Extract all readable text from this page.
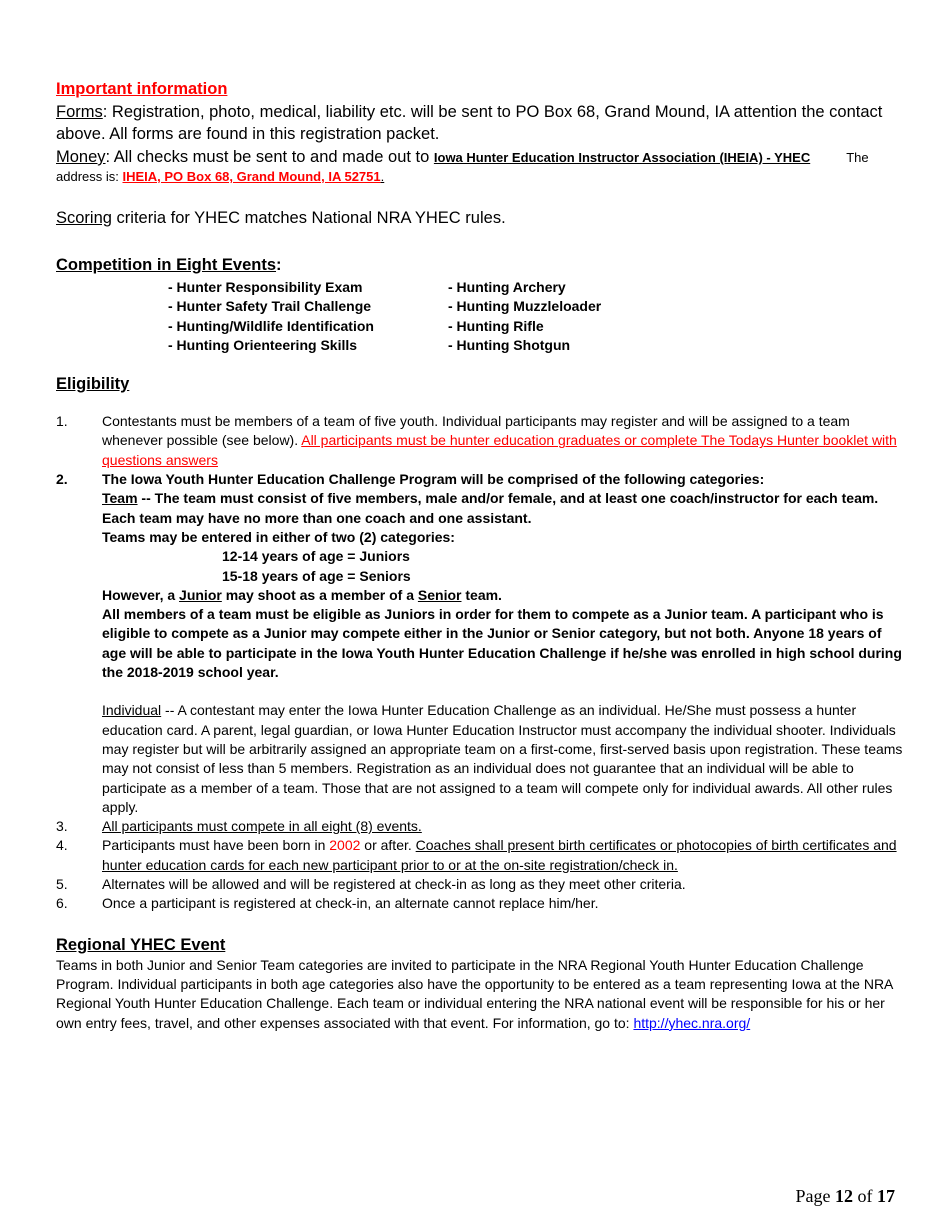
Important information
Forms: Registration, photo, medical, liability etc. will be sent to PO Box 68, Grand Mound, IA attention the contact above. All forms are found in this registration packet.
Money: All checks must be sent to and made out to Iowa Hunter Education Instructor Association (IHEIA) - YHEC	The address is: IHEIA, PO Box 68, Grand Mound, IA 52751.
Scoring criteria for YHEC matches National NRA YHEC rules.
Competition in Eight Events:
- Hunter Responsibility Exam	- Hunting Archery
- Hunter Safety Trail Challenge	- Hunting Muzzleloader
- Hunting/Wildlife Identification	- Hunting Rifle
- Hunting Orienteering Skills	- Hunting Shotgun
Eligibility
1.	Contestants must be members of a team of five youth. Individual participants may register and will be assigned to a team whenever possible (see below). All participants must be hunter education graduates or complete The Todays Hunter booklet with questions answers
2.	The Iowa Youth Hunter Education Challenge Program will be comprised of the following categories:
Team -- The team must consist of five members, male and/or female, and at least one coach/instructor for each team. Each team may have no more than one coach and one assistant.
Teams may be entered in either of two (2) categories:
12-14 years of age = Juniors
15-18 years of age = Seniors
However, a Junior may shoot as a member of a Senior team.
All members of a team must be eligible as Juniors in order for them to compete as a Junior team. A participant who is eligible to compete as a Junior may compete either in the Junior or Senior category, but not both. Anyone 18 years of age will be able to participate in the Iowa Youth Hunter Education Challenge if he/she was enrolled in high school during the 2018-2019 school year.
Individual -- A contestant may enter the Iowa Hunter Education Challenge as an individual. He/She must possess a hunter education card. A parent, legal guardian, or Iowa Hunter Education Instructor must accompany the individual shooter. Individuals may register but will be arbitrarily assigned an appropriate team on a first-come, first-served basis upon registration. These teams may not consist of less than 5 members. Registration as an individual does not guarantee that an individual will be able to participate as a member of a team. Those that are not assigned to a team will compete only for individual awards. All other rules apply.
3.	All participants must compete in all eight (8) events.
4.	Participants must have been born in 2002 or after. Coaches shall present birth certificates or photocopies of birth certificates and hunter education cards for each new participant prior to or at the on-site registration/check in.
5.	Alternates will be allowed and will be registered at check-in as long as they meet other criteria.
6.	Once a participant is registered at check-in, an alternate cannot replace him/her.
Regional YHEC Event
Teams in both Junior and Senior Team categories are invited to participate in the NRA Regional Youth Hunter Education Challenge Program. Individual participants in both age categories also have the opportunity to be entered as a team representing Iowa at the NRA Regional Youth Hunter Education Challenge. Each team or individual entering the NRA national event will be responsible for his or her own entry fees, travel, and other expenses associated with that event. For information, go to: http://yhec.nra.org/
Page 12 of 17
